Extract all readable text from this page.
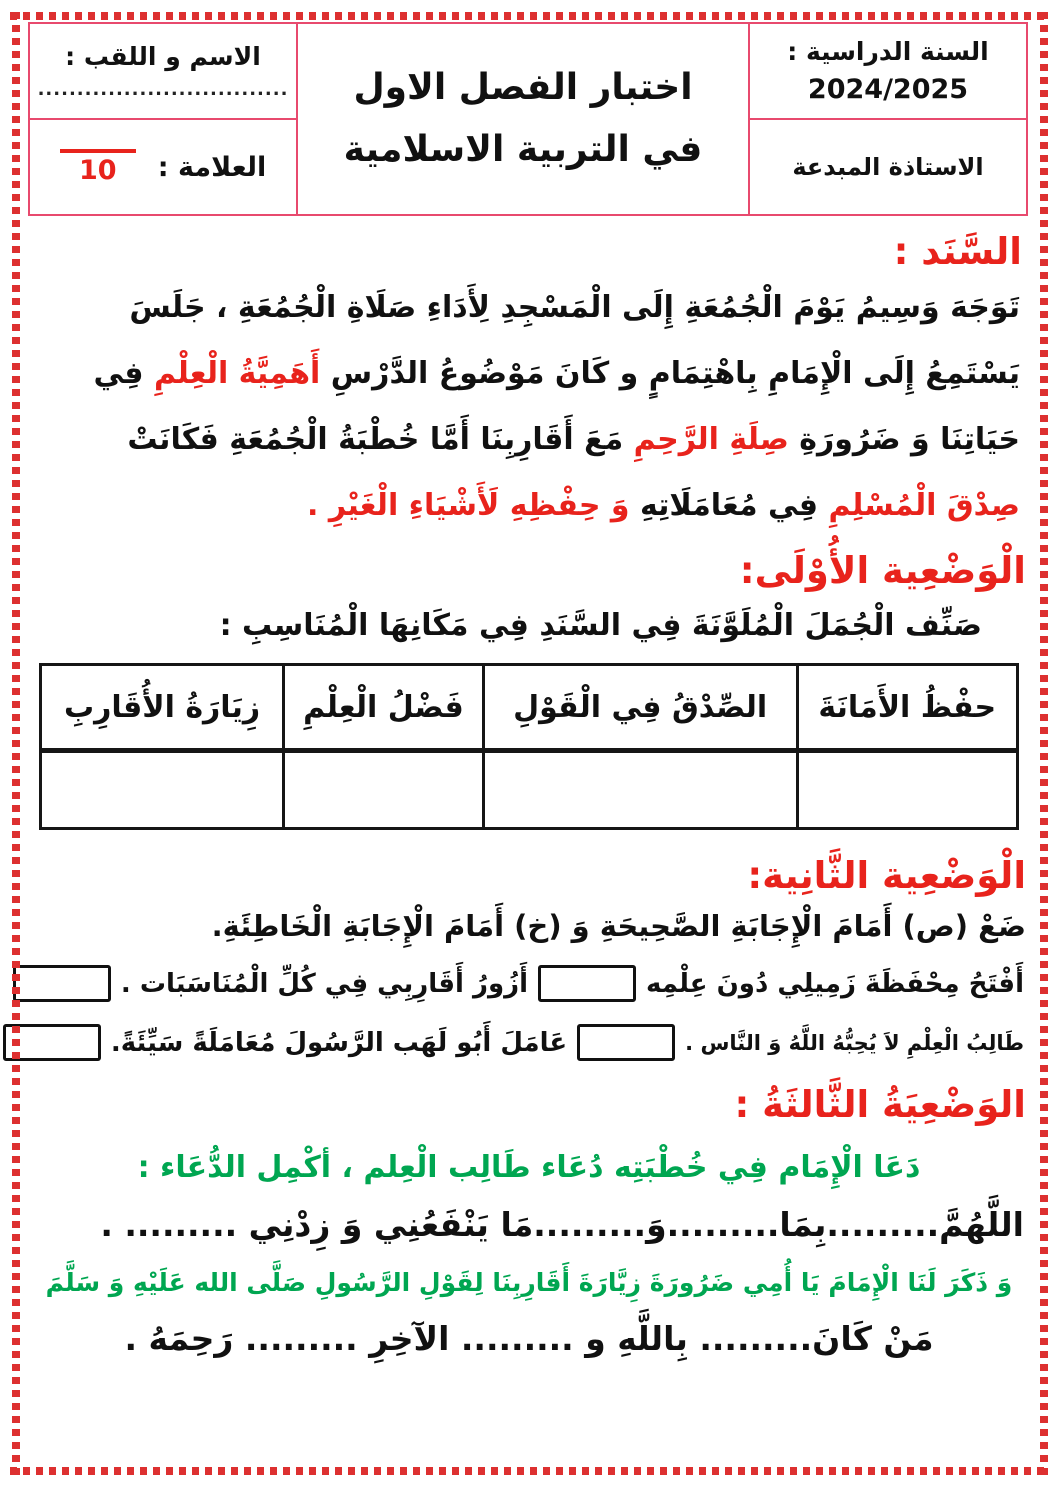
السنة الدراسية :
2024/2025
الاستاذة المبدعة
اختبار الفصل الاول
في التربية الاسلامية
الاسم و اللقب :
................................
العلامة :
10
السَّنَد :
تَوَجَهَ وَسِيمُ يَوْمَ الْجُمُعَةِ إِلَى الْمَسْجِدِ لِأَدَاءِ صَلَاةِ الْجُمُعَةِ ، جَلَسَ
يَسْتَمِعُ إِلَى الْإِمَامِ بِاهْتِمَامٍ و كَانَ مَوْضُوعُ الدَّرْسِ أَهَمِيَّةُ الْعِلْمِ فِي
حَيَاتِنَا وَ ضَرُورَةِ صِلَةِ الرَّحِمِ مَعَ أَقَارِبِنَا أَمَّا خُطْبَةُ الْجُمُعَةِ فَكَانَتْ
صِدْقَ الْمُسْلِمِ فِي مُعَامَلَاتِهِ وَ حِفْظِهِ لَأَشْيَاءِ الْغَيْرِ .
الْوَضْعِية الأُوْلَى:
صَنِّف الْجُمَلَ الْمُلَوَّنَةَ فِي السَّنَدِ فِي مَكَانِهَا الْمُنَاسِبِ :
حفْظُ الأَمَانَةَ	الصِّدْقُ فِي الْقَوْلِ	فَضْلُ الْعِلْمِ	زِيَارَةُ الأُقَارِبِ

الْوَضْعِية الثَّانِية:
ضَعْ (ص) أَمَامَ الْإِجَابَةِ الصَّحِيحَةِ وَ (خ) أَمَامَ الْإِجَابَةِ الْخَاطِئَةِ.
أَفْتَحُ مِحْفَظَةَ زَمِيلِي دُونَ عِلْمِه
أَزُورُ أَقَارِبِي فِي كُلِّ الْمُنَاسَبَات .
طَالِبُ الْعِلْمِ لاَ يُحِبُّهُ اللَّهُ وَ النَّاس .
عَامَلَ أَبُو لَهَب الرَّسُولَ مُعَامَلَةً سَيِّئَةً.
الوَضْعِيَةُ الثَّالثَةُ :
دَعَا الْإِمَام فِي خُطْبَتِه دُعَاء طَالِب الْعِلم ، أكْمِل الدُّعَاء :
اللَّهُمَّ.........بِمَا.........وَ.........مَا يَنْفَعُنِي وَ زِدْنِي ......... .
وَ ذَكَرَ لَنَا الْإِمَامَ يَا أُمِي ضَرُورَةَ زِيَّارَةَ أَقَارِبِنَا لِقَوْلِ الرَّسُولِ صَلَّى الله عَلَيْهِ وَ سَلَّمَ
مَنْ كَانَ......... بِاللَّهِ و ......... الآخِرِ ......... رَحِمَهُ .
